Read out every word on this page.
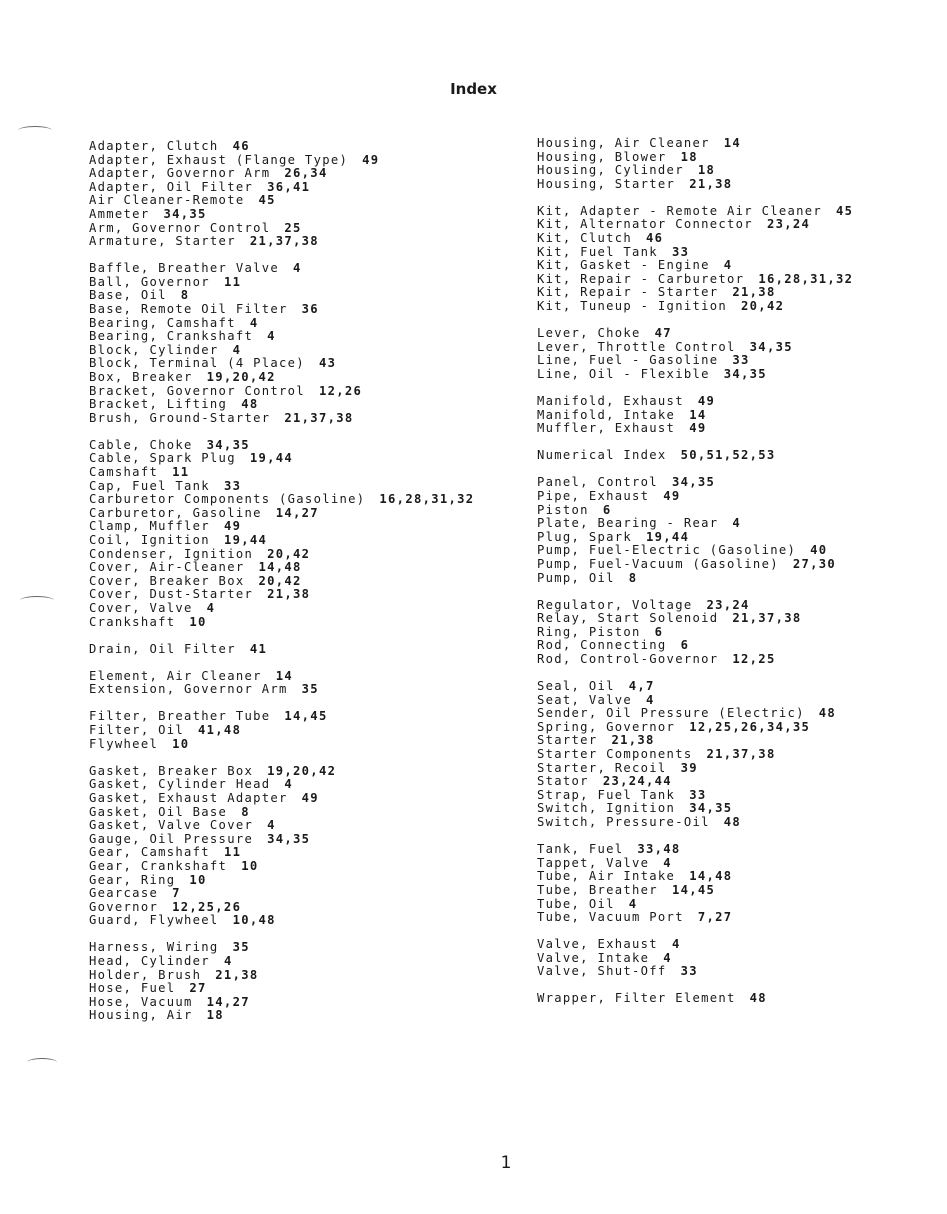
Index
Adapter, Clutch 46
Adapter, Exhaust (Flange Type) 49
Adapter, Governor Arm 26,34
Adapter, Oil Filter 36,41
Air Cleaner-Remote 45
Ammeter 34,35
Arm, Governor Control 25
Armature, Starter 21,37,38
Baffle, Breather Valve 4
Ball, Governor 11
Base, Oil 8
Base, Remote Oil Filter 36
Bearing, Camshaft 4
Bearing, Crankshaft 4
Block, Cylinder 4
Block, Terminal (4 Place) 43
Box, Breaker 19,20,42
Bracket, Governor Control 12,26
Bracket, Lifting 48
Brush, Ground-Starter 21,37,38
Cable, Choke 34,35
Cable, Spark Plug 19,44
Camshaft 11
Cap, Fuel Tank 33
Carburetor Components (Gasoline) 16,28,31,32
Carburetor, Gasoline 14,27
Clamp, Muffler 49
Coil, Ignition 19,44
Condenser, Ignition 20,42
Cover, Air-Cleaner 14,48
Cover, Breaker Box 20,42
Cover, Dust-Starter 21,38
Cover, Valve 4
Crankshaft 10
Drain, Oil Filter 41
Element, Air Cleaner 14
Extension, Governor Arm 35
Filter, Breather Tube 14,45
Filter, Oil 41,48
Flywheel 10
Gasket, Breaker Box 19,20,42
Gasket, Cylinder Head 4
Gasket, Exhaust Adapter 49
Gasket, Oil Base 8
Gasket, Valve Cover 4
Gauge, Oil Pressure 34,35
Gear, Camshaft 11
Gear, Crankshaft 10
Gear, Ring 10
Gearcase 7
Governor 12,25,26
Guard, Flywheel 10,48
Harness, Wiring 35
Head, Cylinder 4
Holder, Brush 21,38
Hose, Fuel 27
Hose, Vacuum 14,27
Housing, Air 18
Housing, Air Cleaner 14
Housing, Blower 18
Housing, Cylinder 18
Housing, Starter 21,38
Kit, Adapter - Remote Air Cleaner 45
Kit, Alternator Connector 23,24
Kit, Clutch 46
Kit, Fuel Tank 33
Kit, Gasket - Engine 4
Kit, Repair - Carburetor 16,28,31,32
Kit, Repair - Starter 21,38
Kit, Tuneup - Ignition 20,42
Lever, Choke 47
Lever, Throttle Control 34,35
Line, Fuel - Gasoline 33
Line, Oil - Flexible 34,35
Manifold, Exhaust 49
Manifold, Intake 14
Muffler, Exhaust 49
Numerical Index 50,51,52,53
Panel, Control 34,35
Pipe, Exhaust 49
Piston 6
Plate, Bearing - Rear 4
Plug, Spark 19,44
Pump, Fuel-Electric (Gasoline) 40
Pump, Fuel-Vacuum (Gasoline) 27,30
Pump, Oil 8
Regulator, Voltage 23,24
Relay, Start Solenoid 21,37,38
Ring, Piston 6
Rod, Connecting 6
Rod, Control-Governor 12,25
Seal, Oil 4,7
Seat, Valve 4
Sender, Oil Pressure (Electric) 48
Spring, Governor 12,25,26,34,35
Starter 21,38
Starter Components 21,37,38
Starter, Recoil 39
Stator 23,24,44
Strap, Fuel Tank 33
Switch, Ignition 34,35
Switch, Pressure-Oil 48
Tank, Fuel 33,48
Tappet, Valve 4
Tube, Air Intake 14,48
Tube, Breather 14,45
Tube, Oil 4
Tube, Vacuum Port 7,27
Valve, Exhaust 4
Valve, Intake 4
Valve, Shut-Off 33
Wrapper, Filter Element 48
1
